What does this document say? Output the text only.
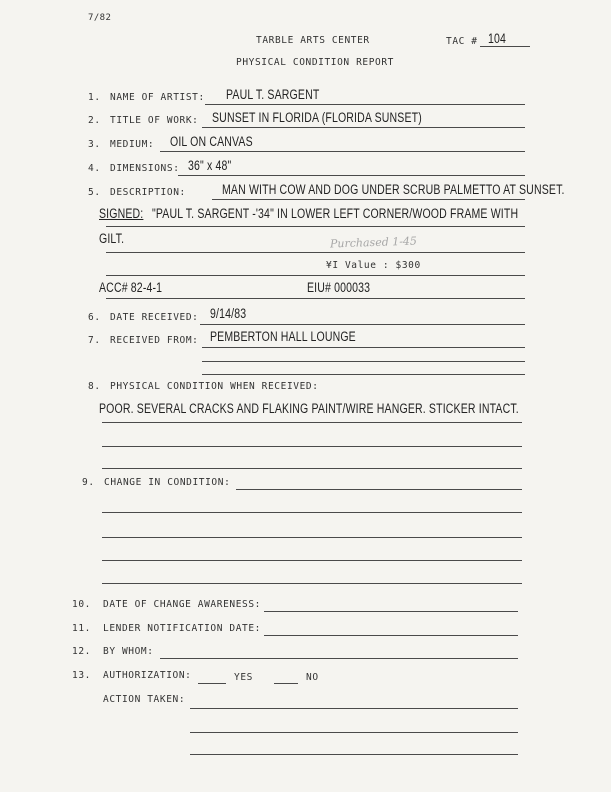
7/82
TARBLE ARTS CENTER	TAC # 104
PHYSICAL CONDITION REPORT
1. NAME OF ARTIST: PAUL T. SARGENT
2. TITLE OF WORK: SUNSET IN FLORIDA (FLORIDA SUNSET)
3. MEDIUM: OIL ON CANVAS
4. DIMENSIONS: 36" x 48"
5. DESCRIPTION:	MAN WITH COW AND DOG UNDER SCRUB PALMETTO AT SUNSET.
SIGNED: "PAUL T. SARGENT -'34" IN LOWER LEFT CORNER/WOOD FRAME WITH
GILT.	Purchased 1-45
¥I Value : $300
ACC# 82-4-1	EIU# 000033
6. DATE RECEIVED: 9/14/83
7. RECEIVED FROM: PEMBERTON HALL LOUNGE
8. PHYSICAL CONDITION WHEN RECEIVED:
POOR. SEVERAL CRACKS AND FLAKING PAINT/WIRE HANGER. STICKER INTACT.
9. CHANGE IN CONDITION:
10. DATE OF CHANGE AWARENESS:
11. LENDER NOTIFICATION DATE:
12. BY WHOM:
13. AUTHORIZATION:	YES	NO
ACTION TAKEN:
